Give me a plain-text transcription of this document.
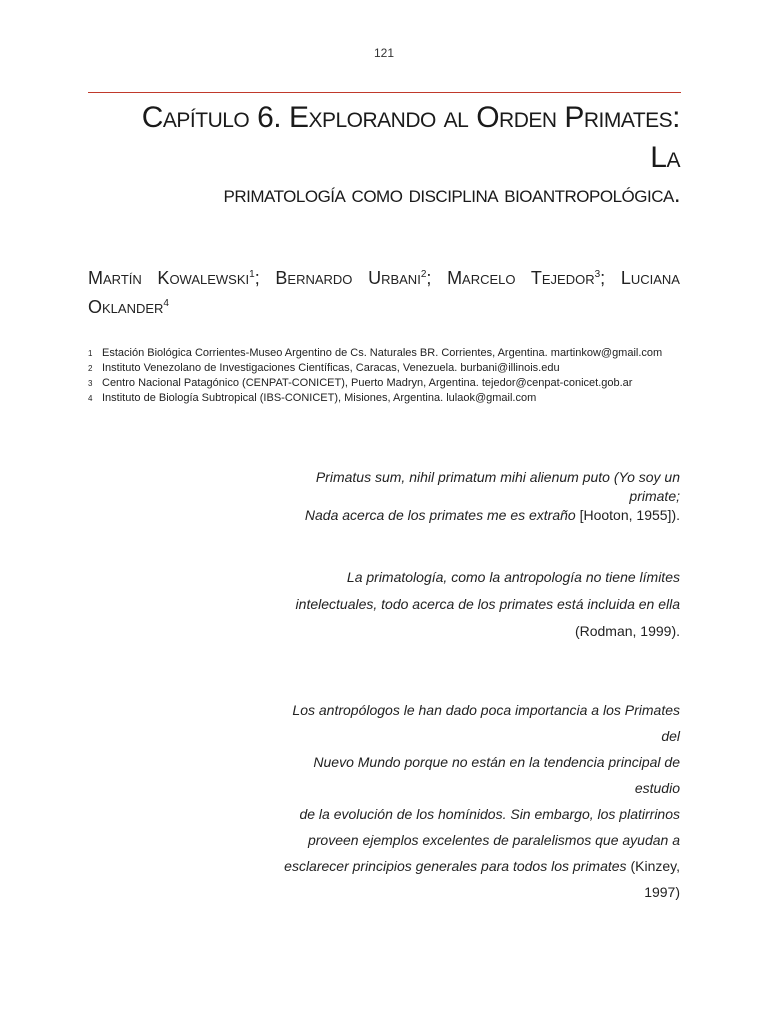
121
Capítulo 6. Explorando al Orden Primates: La
primatología como disciplina bioantropológica.
Martín Kowalewski$^1$; Bernardo Urbani$^2$; Marcelo Tejedor$^3$; Luciana Oklander$^4$
1 Estación Biológica Corrientes-Museo Argentino de Cs. Naturales BR. Corrientes, Argentina. martinkow@gmail.com
2 Instituto Venezolano de Investigaciones Científicas, Caracas, Venezuela. burbani@illinois.edu
3 Centro Nacional Patagónico (CENPAT-CONICET), Puerto Madryn, Argentina. tejedor@cenpat-conicet.gob.ar
4 Instituto de Biología Subtropical (IBS-CONICET), Misiones, Argentina. lulaok@gmail.com
Primatus sum, nihil primatum mihi alienum puto (Yo soy un primate;
Nada acerca de los primates me es extraño [Hooton, 1955]).
La primatología, como la antropología no tiene límites
intelectuales, todo acerca de los primates está incluida en ella
(Rodman, 1999).
Los antropólogos le han dado poca importancia a los Primates del
Nuevo Mundo porque no están en la tendencia principal de estudio
de la evolución de los homínidos. Sin embargo, los platirrinos
proveen ejemplos excelentes de paralelismos que ayudan a
esclarecer principios generales para todos los primates (Kinzey,
1997)
